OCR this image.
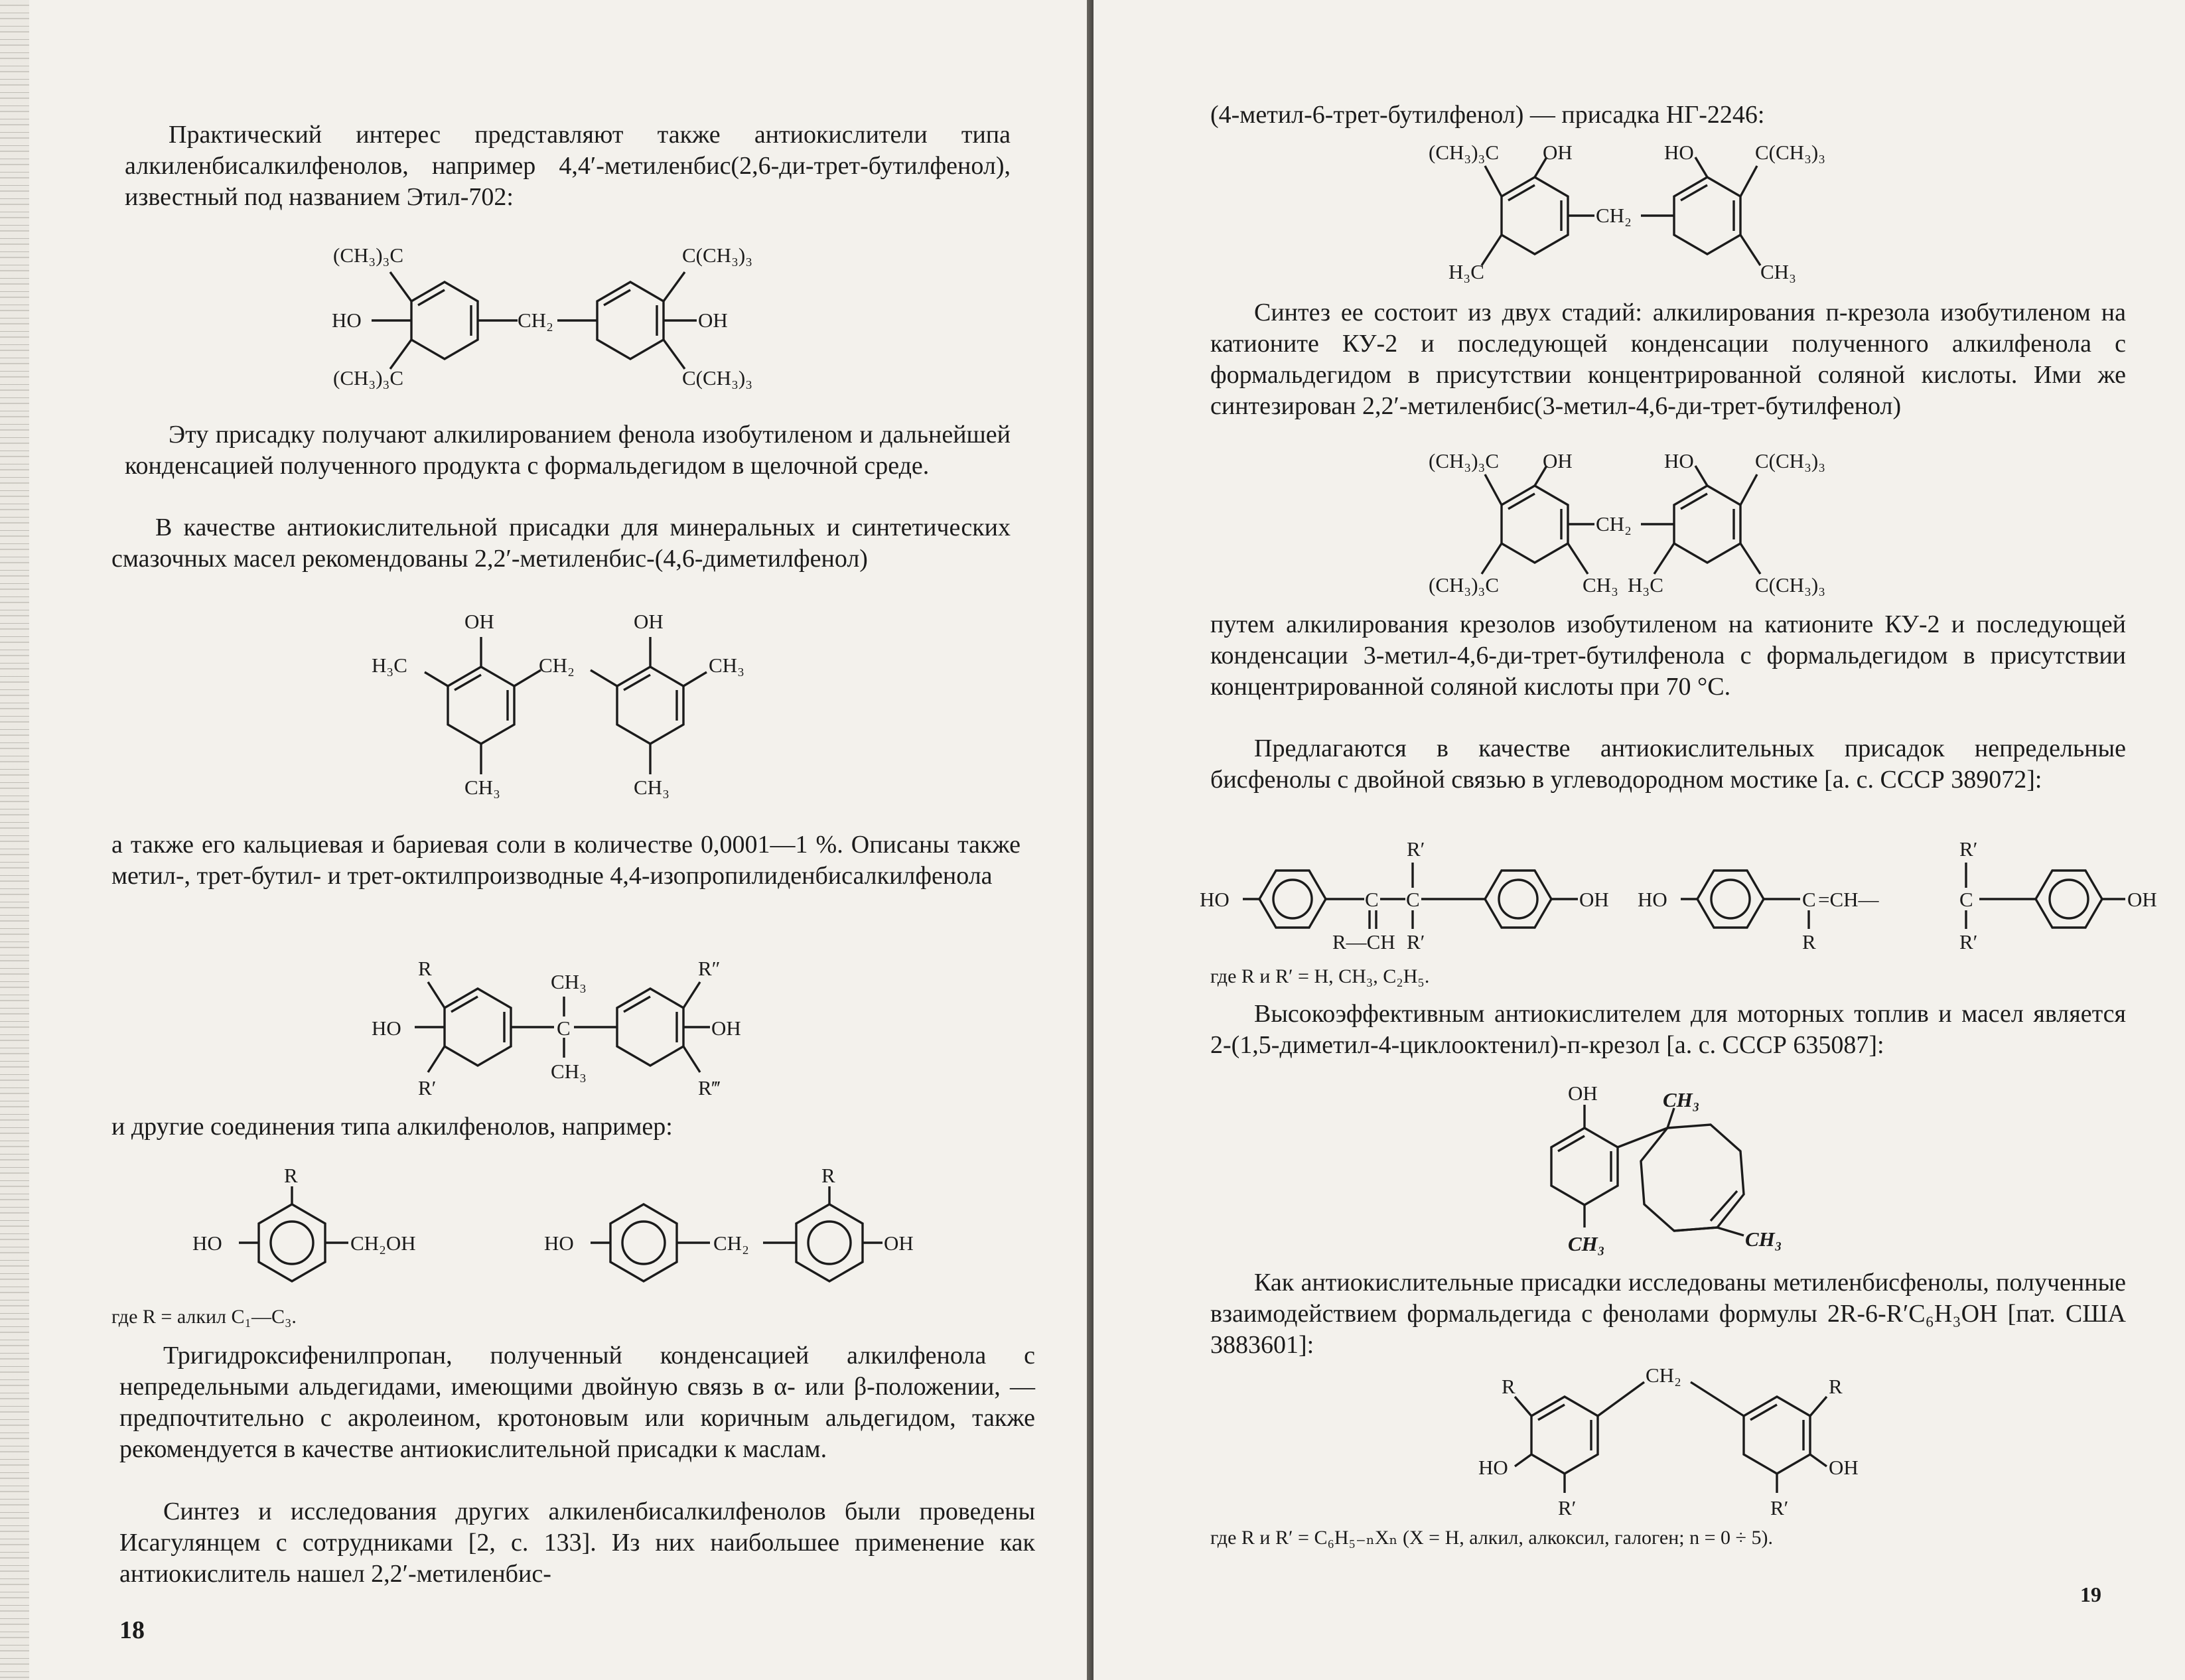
Практический интерес представляют также антиокислители типа алкиленбисалкилфенолов, например 4,4′-метиленбис(2,6-ди-трет-бутилфенол), известный под названием Этил-702:

(CH₃)₃C
HO
(CH₃)₃C
CH₂
C(CH₃)₃
OH
C(CH₃)₃

Эту присадку получают алкилированием фенола изобутиленом и дальнейшей конденсацией полученного продукта с формальдегидом в щелочной среде.

В качестве антиокислительной присадки для минеральных и синтетических смазочных масел рекомендованы 2,2′-метиленбис-(4,6-диметилфенол)

OH	OH
H₃C	CH₃
CH₂
CH₃	CH₃

а также его кальциевая и бариевая соли в количестве 0,0001—1 %. Описаны также метил-, трет-бутил- и трет-октилпроизводные 4,4-изопропилиденбисалкилфенола

R
HO
R′
CH₃
C
CH₃
R″
OH
R‴

и другие соединения типа алкилфенолов, например:

R
HO	CH₂OH	HO	CH₂
R
OH
где R = алкил C₁—C₃.

Тригидроксифенилпропан, полученный конденсацией алкилфенола с непредельными альдегидами, имеющими двойную связь в α- или β-положении, — предпочтительно с акролеином, кротоновым или коричным альдегидом, также рекомендуется в качестве антиокислительной присадки к маслам.

Синтез и исследования других алкиленбисалкилфенолов были проведены Исагулянцем с сотрудниками [2, с. 133]. Из них наибольшее применение как антиокислитель нашел 2,2′-метиленбис-

18

(4-метил-6-трет-бутилфенол) — присадка НГ-2246:

(CH₃)₃C OH	HO	C(CH₃)₃
CH₂
H₃C	CH₃

Синтез ее состоит из двух стадий: алкилирования п-крезола изобутиленом на катионите КУ-2 и последующей конденсации полученного алкилфенола с формальдегидом в присутствии концентрированной соляной кислоты. Ими же синтезирован 2,2′-метиленбис(3-метил-4,6-ди-трет-бутилфенол)

(CH₃)₃C OH	HO	C(CH₃)₃
CH₂
(CH₃)₃C	CH₃ H₃C	C(CH₃)₃

путем алкилирования крезолов изобутиленом на катионите КУ-2 и последующей конденсации 3-метил-4,6-ди-трет-бутилфенола с формальдегидом в присутствии концентрированной соляной кислоты при 70 °C.

Предлагаются в качестве антиокислительных присадок непредельные бисфенолы с двойной связью в углеводородном мостике [а. с. СССР 389072]:

HO	C C
R′
R—CH R′
OH HO	C =CH—	C
R′
R	R′
OH
где R и R′ = H, CH₃, C₂H₅.

Высокоэффективным антиокислителем для моторных топлив и масел является 2-(1,5-диметил-4-циклооктенил)-п-крезол [а. с. СССР 635087]:

OH	CH₃
CH₃	CH₃

Как антиокислительные присадки исследованы метиленбисфенолы, полученные взаимодействием формальдегида с фенолами формулы 2R-6-R′C₆H₃OH [пат. США 3883601]:

R	CH₂	R
HO	OH
R′	R′
где R и R′ = C₆H₅₋ₙXₙ (X = H, алкил, алкоксил, галоген; n = 0 ÷ 5).
19
